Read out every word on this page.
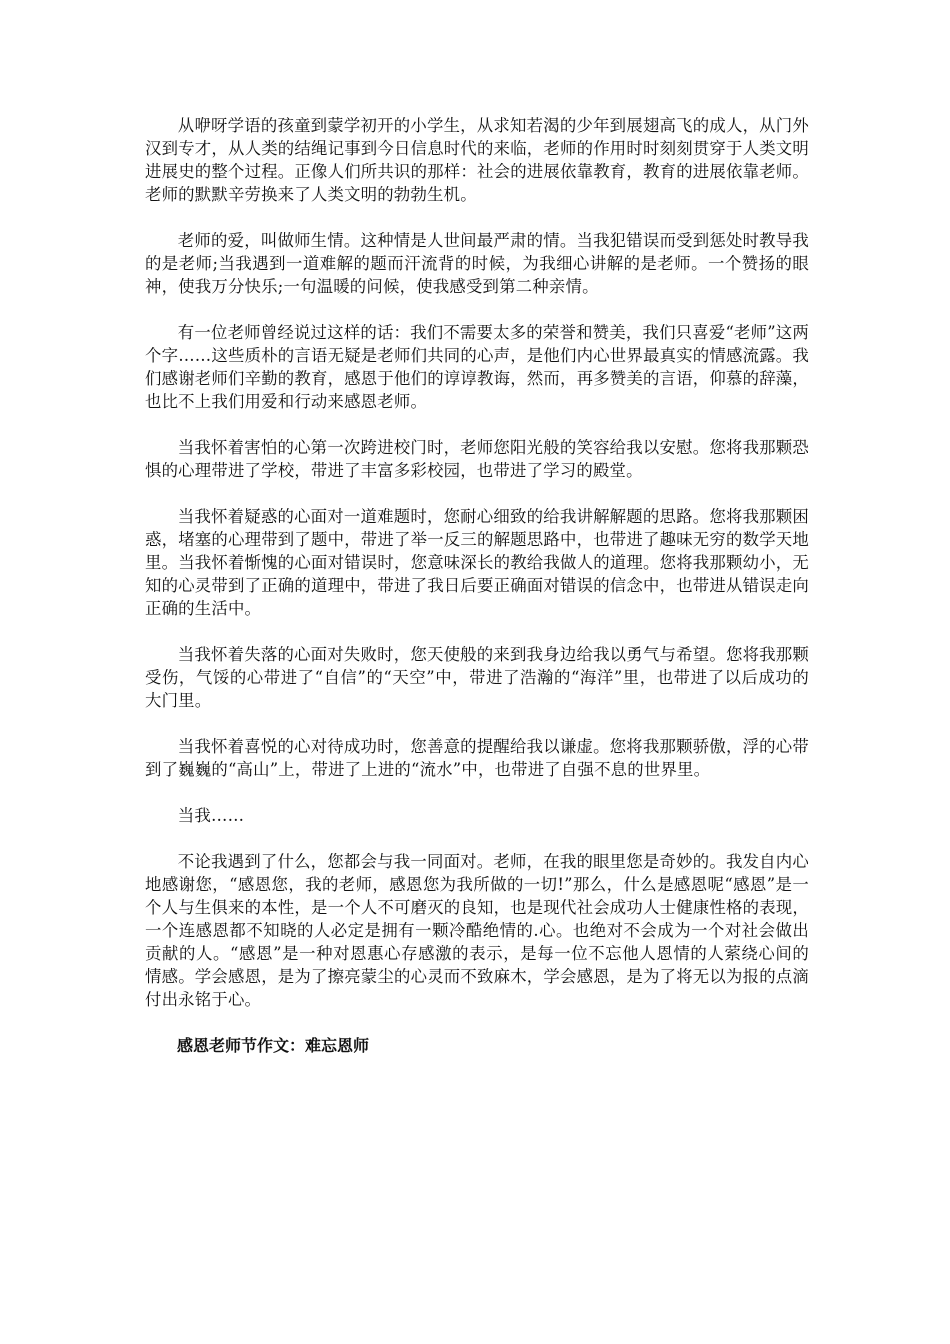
从咿呀学语的孩童到蒙学初开的小学生，从求知若渴的少年到展翅高飞的成人，从门外汉到专才，从人类的结绳记事到今日信息时代的来临，老师的作用时时刻刻贯穿于人类文明进展史的整个过程。正像人们所共识的那样：社会的进展依靠教育，教育的进展依靠老师。老师的默默辛劳换来了人类文明的勃勃生机。

老师的爱，叫做师生情。这种情是人世间最严肃的情。当我犯错误而受到惩处时教导我的是老师;当我遇到一道难解的题而汗流背的时候，为我细心讲解的是老师。一个赞扬的眼神，使我万分快乐;一句温暖的问候，使我感受到第二种亲情。

有一位老师曾经说过这样的话：我们不需要太多的荣誉和赞美，我们只喜爱“老师”这两个字……这些质朴的言语无疑是老师们共同的心声，是他们内心世界最真实的情感流露。我们感谢老师们辛勤的教育，感恩于他们的谆谆教诲，然而，再多赞美的言语，仰慕的辞藻，也比不上我们用爱和行动来感恩老师。

当我怀着害怕的心第一次跨进校门时，老师您阳光般的笑容给我以安慰。您将我那颗恐惧的心理带进了学校，带进了丰富多彩校园，也带进了学习的殿堂。

当我怀着疑惑的心面对一道难题时，您耐心细致的给我讲解解题的思路。您将我那颗困惑，堵塞的心理带到了题中，带进了举一反三的解题思路中，也带进了趣味无穷的数学天地里。当我怀着惭愧的心面对错误时，您意味深长的教给我做人的道理。您将我那颗幼小，无知的心灵带到了正确的道理中，带进了我日后要正确面对错误的信念中，也带进从错误走向正确的生活中。

当我怀着失落的心面对失败时，您天使般的来到我身边给我以勇气与希望。您将我那颗受伤，气馁的心带进了“自信”的“天空”中，带进了浩瀚的“海洋”里，也带进了以后成功的大门里。

当我怀着喜悦的心对待成功时，您善意的提醒给我以谦虚。您将我那颗骄傲，浮的心带到了巍巍的“高山”上，带进了上进的“流水”中，也带进了自强不息的世界里。

当我……

不论我遇到了什么，您都会与我一同面对。老师，在我的眼里您是奇妙的。我发自内心地感谢您，“感恩您，我的老师，感恩您为我所做的一切!”那么，什么是感恩呢“感恩”是一个人与生俱来的本性，是一个人不可磨灭的良知，也是现代社会成功人士健康性格的表现，一个连感恩都不知晓的人必定是拥有一颗冷酷绝情的.心。也绝对不会成为一个对社会做出贡献的人。“感恩”是一种对恩惠心存感激的表示，是每一位不忘他人恩情的人萦绕心间的情感。学会感恩，是为了擦亮蒙尘的心灵而不致麻木，学会感恩，是为了将无以为报的点滴付出永铭于心。

感恩老师节作文：难忘恩师
